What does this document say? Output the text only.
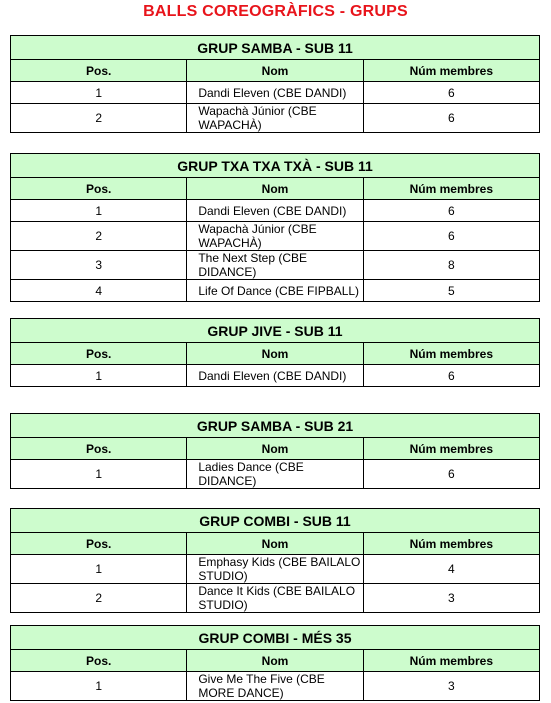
BALLS COREOGRÀFICS - GRUPS
GRUP SAMBA - SUB 11		
Pos.	Nom	Núm membres
1	Dandi Eleven (CBE DANDI)	6
2	Wapachà Júnior (CBE WAPACHÀ)	6
GRUP TXA TXA TXÀ - SUB 11		
Pos.	Nom	Núm membres
1	Dandi Eleven (CBE DANDI)	6
2	Wapachà Júnior (CBE WAPACHÀ)	6
3	The Next Step (CBE DIDANCE)	8
4	Life Of Dance (CBE FIPBALL)	5
GRUP JIVE - SUB 11		
Pos.	Nom	Núm membres
1	Dandi Eleven (CBE DANDI)	6
GRUP SAMBA - SUB 21		
Pos.	Nom	Núm membres
1	Ladies Dance (CBE DIDANCE)	6
GRUP COMBI - SUB 11		
Pos.	Nom	Núm membres
1	Emphasy Kids (CBE BAILALO STUDIO)	4
2	Dance It Kids (CBE BAILALO STUDIO)	3
GRUP COMBI - MÉS 35		
Pos.	Nom	Núm membres
1	Give Me The Five (CBE MORE DANCE)	3
